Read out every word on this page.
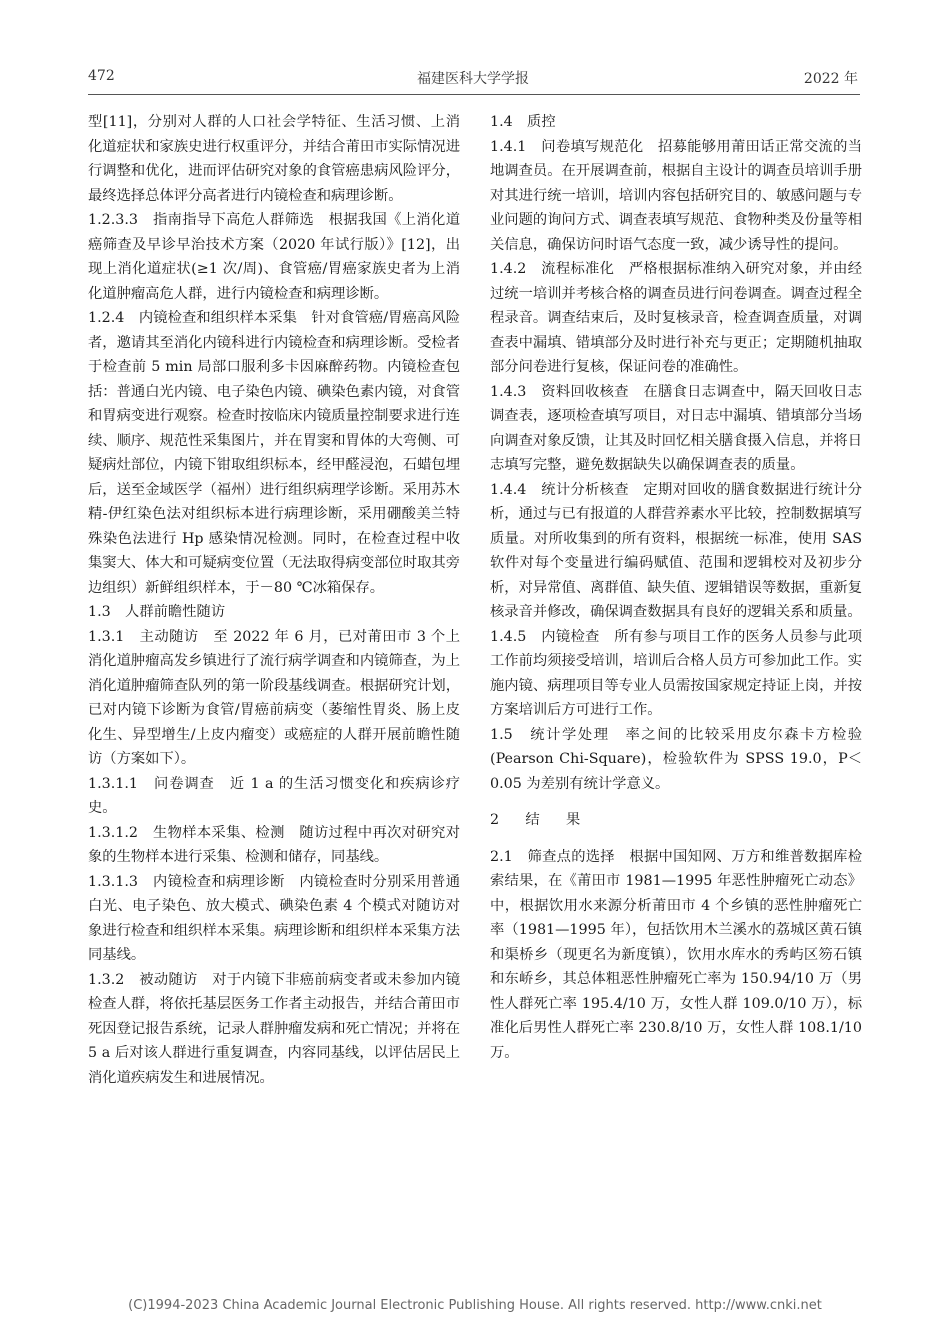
472	福建医科大学学报	2022 年

型[11]，分别对人群的人口社会学特征、生活习惯、上消化道症状和家族史进行权重评分，并结合莆田市实际情况进行调整和优化，进而评估研究对象的食管癌患病风险评分，最终选择总体评分高者进行内镜检查和病理诊断。

1.2.3.3　指南指导下高危人群筛选　根据我国《上消化道癌筛查及早诊早治技术方案（2020 年试行版）》[12]，出现上消化道症状(≥1 次/周)、食管癌/胃癌家族史者为上消化道肿瘤高危人群，进行内镜检查和病理诊断。

1.2.4　内镜检查和组织样本采集　针对食管癌/胃癌高风险者，邀请其至消化内镜科进行内镜检查和病理诊断。受检者于检查前 5 min 局部口服利多卡因麻醉药物。内镜检查包括：普通白光内镜、电子染色内镜、碘染色素内镜，对食管和胃病变进行观察。检查时按临床内镜质量控制要求进行连续、顺序、规范性采集图片，并在胃窦和胃体的大弯侧、可疑病灶部位，内镜下钳取组织标本，经甲醛浸泡，石蜡包埋后，送至金域医学（福州）进行组织病理学诊断。采用苏木精-伊红染色法对组织标本进行病理诊断，采用硼酸美兰特殊染色法进行 Hp 感染情况检测。同时，在检查过程中收集窦大、体大和可疑病变位置（无法取得病变部位时取其旁边组织）新鲜组织样本，于－80 ℃冰箱保存。

1.3　人群前瞻性随访

1.3.1　主动随访　至 2022 年 6 月，已对莆田市 3 个上消化道肿瘤高发乡镇进行了流行病学调查和内镜筛查，为上消化道肿瘤筛查队列的第一阶段基线调查。根据研究计划，已对内镜下诊断为食管/胃癌前病变（萎缩性胃炎、肠上皮化生、异型增生/上皮内瘤变）或癌症的人群开展前瞻性随访（方案如下）。

1.3.1.1　问卷调查　近 1 a 的生活习惯变化和疾病诊疗史。

1.3.1.2　生物样本采集、检测　随访过程中再次对研究对象的生物样本进行采集、检测和储存，同基线。

1.3.1.3　内镜检查和病理诊断　内镜检查时分别采用普通白光、电子染色、放大模式、碘染色素 4 个模式对随访对象进行检查和组织样本采集。病理诊断和组织样本采集方法同基线。

1.3.2　被动随访　对于内镜下非癌前病变者或未参加内镜检查人群，将依托基层医务工作者主动报告，并结合莆田市死因登记报告系统，记录人群肿瘤发病和死亡情况；并将在 5 a 后对该人群进行重复调查，内容同基线，以评估居民上消化道疾病发生和进展情况。

1.4　质控

1.4.1　问卷填写规范化　招募能够用莆田话正常交流的当地调查员。在开展调查前，根据自主设计的调查员培训手册对其进行统一培训，培训内容包括研究目的、敏感问题与专业问题的询问方式、调查表填写规范、食物种类及份量等相关信息，确保访问时语气态度一致，减少诱导性的提问。

1.4.2　流程标准化　严格根据标准纳入研究对象，并由经过统一培训并考核合格的调查员进行问卷调查。调查过程全程录音。调查结束后，及时复核录音，检查调查质量，对调查表中漏填、错填部分及时进行补充与更正；定期随机抽取部分问卷进行复核，保证问卷的准确性。

1.4.3　资料回收核查　在膳食日志调查中，隔天回收日志调查表，逐项检查填写项目，对日志中漏填、错填部分当场向调查对象反馈，让其及时回忆相关膳食摄入信息，并将日志填写完整，避免数据缺失以确保调查表的质量。

1.4.4　统计分析核查　定期对回收的膳食数据进行统计分析，通过与已有报道的人群营养素水平比较，控制数据填写质量。对所收集到的所有资料，根据统一标准，使用 SAS 软件对每个变量进行编码赋值、范围和逻辑校对及初步分析，对异常值、离群值、缺失值、逻辑错误等数据，重新复核录音并修改，确保调查数据具有良好的逻辑关系和质量。

1.4.5　内镜检查　所有参与项目工作的医务人员参与此项工作前均须接受培训，培训后合格人员方可参加此工作。实施内镜、病理项目等专业人员需按国家规定持证上岗，并按方案培训后方可进行工作。

1.5　统计学处理　率之间的比较采用皮尔森卡方检验(Pearson Chi-Square)，检验软件为 SPSS 19.0，P＜0.05 为差别有统计学意义。

2　结　果

2.1　筛查点的选择　根据中国知网、万方和维普数据库检索结果，在《莆田市 1981—1995 年恶性肿瘤死亡动态》中，根据饮用水来源分析莆田市 4 个乡镇的恶性肿瘤死亡率（1981—1995 年），包括饮用木兰溪水的荔城区黄石镇和渠桥乡（现更名为新度镇），饮用水库水的秀屿区笏石镇和东峤乡，其总体粗恶性肿瘤死亡率为 150.94/10 万（男性人群死亡率 195.4/10 万，女性人群 109.0/10 万），标准化后男性人群死亡率 230.8/10 万，女性人群 108.1/10 万。

(C)1994-2023 China Academic Journal Electronic Publishing House. All rights reserved. http://www.cnki.net
